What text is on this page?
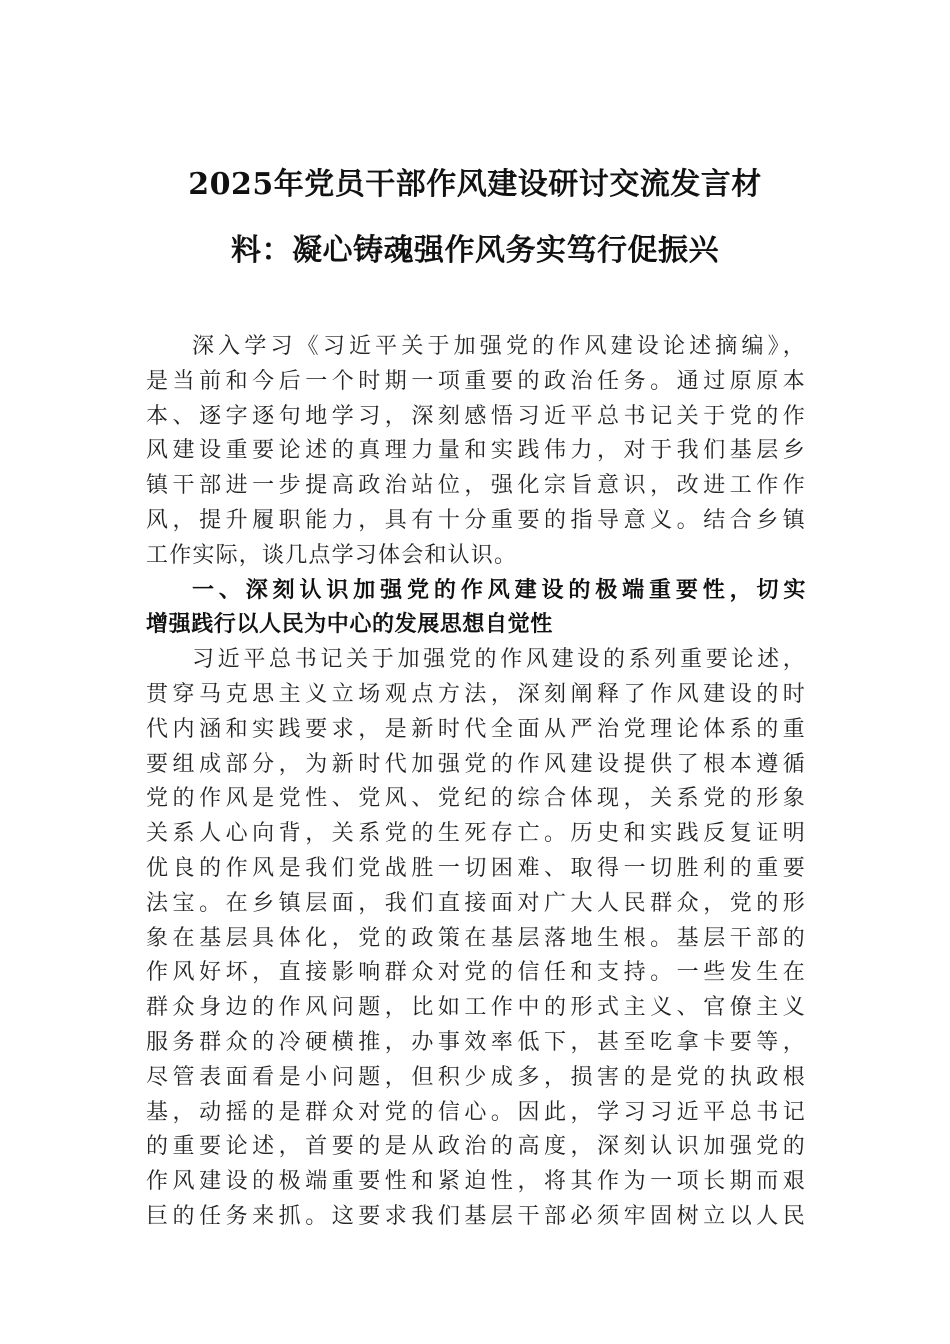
2025年党员干部作风建设研讨交流发言材
料：凝心铸魂强作风务实笃行促振兴
深入学习《习近平关于加强党的作风建设论述摘编》，
是当前和今后一个时期一项重要的政治任务。通过原原本
本、逐字逐句地学习，深刻感悟习近平总书记关于党的作
风建设重要论述的真理力量和实践伟力，对于我们基层乡
镇干部进一步提高政治站位，强化宗旨意识，改进工作作
风，提升履职能力，具有十分重要的指导意义。结合乡镇
工作实际，谈几点学习体会和认识。
一、深刻认识加强党的作风建设的极端重要性，切实
增强践行以人民为中心的发展思想自觉性
习近平总书记关于加强党的作风建设的系列重要论述，
贯穿马克思主义立场观点方法，深刻阐释了作风建设的时
代内涵和实践要求，是新时代全面从严治党理论体系的重
要组成部分，为新时代加强党的作风建设提供了根本遵循
党的作风是党性、党风、党纪的综合体现，关系党的形象
关系人心向背，关系党的生死存亡。历史和实践反复证明
优良的作风是我们党战胜一切困难、取得一切胜利的重要
法宝。在乡镇层面，我们直接面对广大人民群众，党的形
象在基层具体化，党的政策在基层落地生根。基层干部的
作风好坏，直接影响群众对党的信任和支持。一些发生在
群众身边的作风问题，比如工作中的形式主义、官僚主义
服务群众的冷硬横推，办事效率低下，甚至吃拿卡要等，
尽管表面看是小问题，但积少成多，损害的是党的执政根
基，动摇的是群众对党的信心。因此，学习习近平总书记
的重要论述，首要的是从政治的高度，深刻认识加强党的
作风建设的极端重要性和紧迫性，将其作为一项长期而艰
巨的任务来抓。这要求我们基层干部必须牢固树立以人民
